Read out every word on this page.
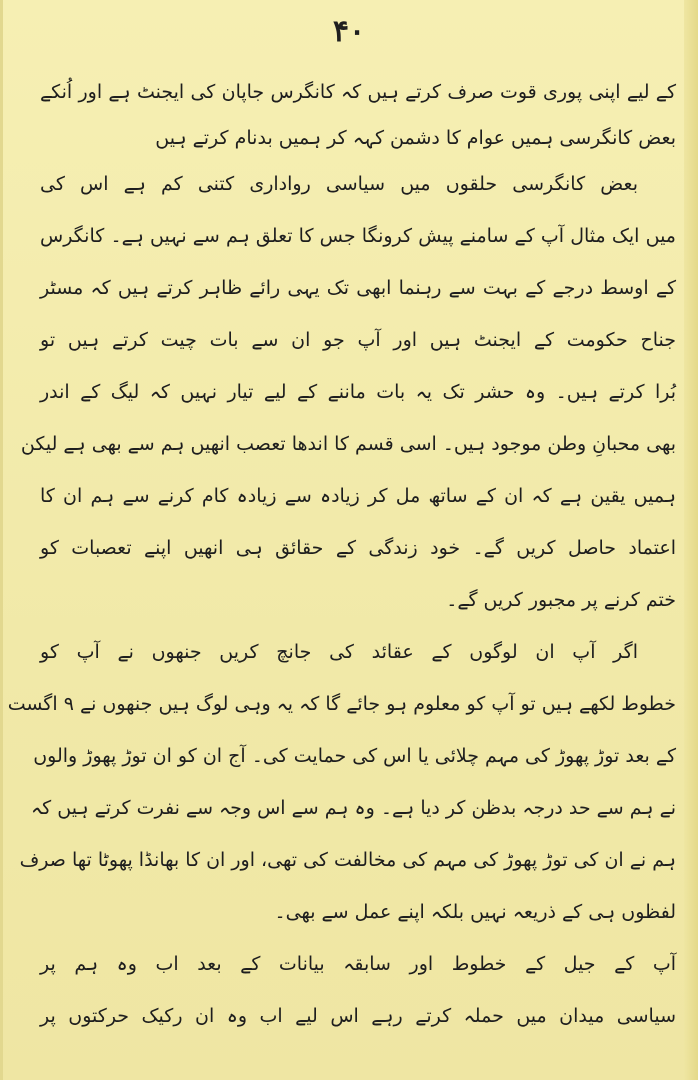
۴۰
کے لیے اپنی پوری قوت صرف کرتے ہیں کہ کانگرس جاپان کی ایجنٹ ہے اور اُنکے
بعض کانگرسی ہمیں عوام کا دشمن کہہ کر ہمیں بدنام کرتے ہیں
بعض کانگرسی حلقوں میں سیاسی رواداری کتنی کم ہے اس کی
میں ایک مثال آپ کے سامنے پیش کرونگا جس کا تعلق ہم سے نہیں ہے۔ کانگرس
کے اوسط درجے کے بہت سے رہنما ابھی تک یہی رائے ظاہر کرتے ہیں کہ مسٹر
جناح حکومت کے ایجنٹ ہیں اور آپ جو ان سے بات چیت کرتے ہیں تو
بُرا کرتے ہیں۔ وہ حشر تک یہ بات ماننے کے لیے تیار نہیں کہ لیگ کے اندر
بھی محبانِ وطن موجود ہیں۔ اسی قسم کا اندھا تعصب انھیں ہم سے بھی ہے لیکن
ہمیں یقین ہے کہ ان کے ساتھ مل کر زیادہ سے زیادہ کام کرنے سے ہم ان کا
اعتماد حاصل کریں گے۔ خود زندگی کے حقائق ہی انھیں اپنے تعصبات کو
ختم کرنے پر مجبور کریں گے۔
اگر آپ ان لوگوں کے عقائد کی جانچ کریں جنھوں نے آپ کو
خطوط لکھے ہیں تو آپ کو معلوم ہو جائے گا کہ یہ وہی لوگ ہیں جنھوں نے ۹ اگست
کے بعد توڑ پھوڑ کی مہم چلائی یا اس کی حمایت کی۔ آج ان کو ان توڑ پھوڑ والوں
نے ہم سے حد درجہ بدظن کر دیا ہے۔ وہ ہم سے اس وجہ سے نفرت کرتے ہیں کہ
ہم نے ان کی توڑ پھوڑ کی مہم کی مخالفت کی تھی، اور ان کا بھانڈا پھوٹا تھا صرف
لفظوں ہی کے ذریعہ نہیں بلکہ اپنے عمل سے بھی۔
آپ کے جیل کے خطوط اور سابقہ بیانات کے بعد اب وہ ہم پر
سیاسی میدان میں حملہ کرتے رہے اس لیے اب وہ ان رکیک حرکتوں پر
